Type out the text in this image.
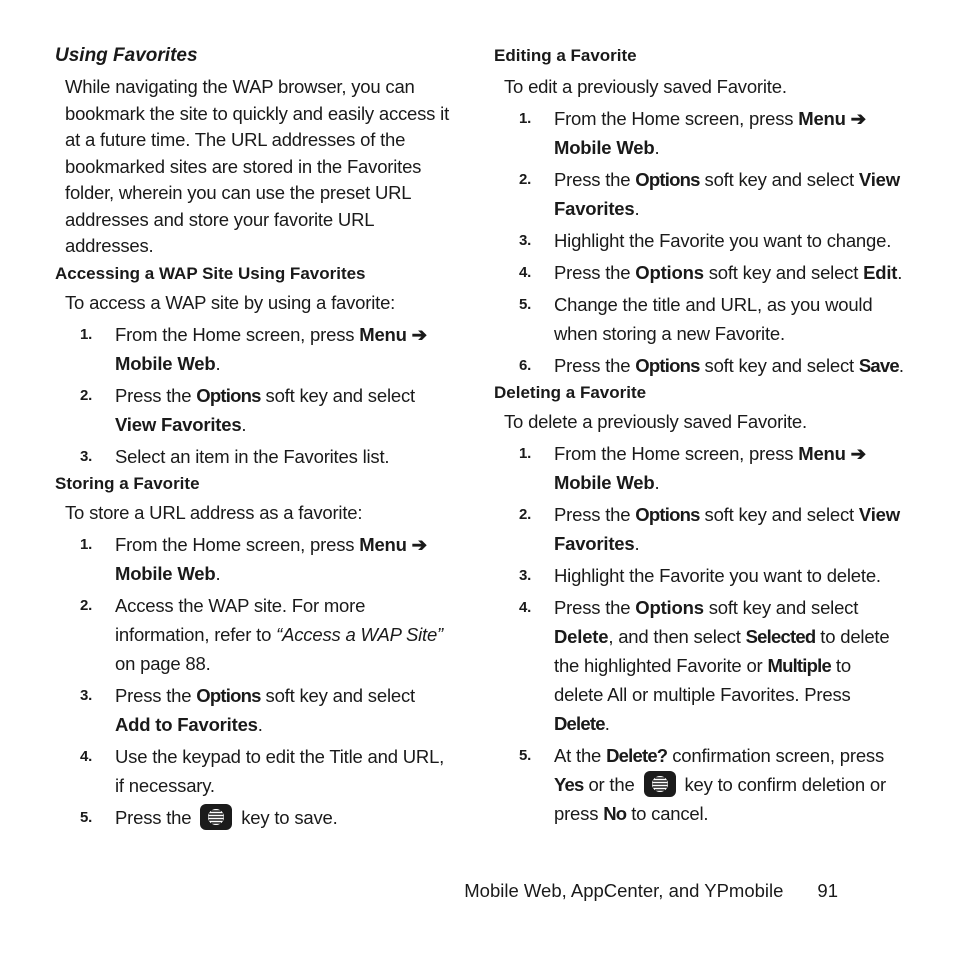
Using Favorites

While navigating the WAP browser, you can bookmark the site to quickly and easily access it at a future time. The URL addresses of the bookmarked sites are stored in the Favorites folder, wherein you can use the preset URL addresses and store your favorite URL addresses.

Accessing a WAP Site Using Favorites

To access a WAP site by using a favorite:

1. From the Home screen, press Menu ➔ Mobile Web.
2. Press the Options soft key and select View Favorites.
3. Select an item in the Favorites list.
Storing a Favorite

To store a URL address as a favorite:

1. From the Home screen, press Menu ➔ Mobile Web.
2. Access the WAP site. For more information, refer to “Access a WAP Site” on page 88.
3. Press the Options soft key and select Add to Favorites.
4. Use the keypad to edit the Title and URL, if necessary.
5. Press the
key to save.
Editing a Favorite

To edit a previously saved Favorite.

1. From the Home screen, press Menu ➔ Mobile Web.
2. Press the Options soft key and select View Favorites.
3. Highlight the Favorite you want to change.
4. Press the Options soft key and select Edit.
5. Change the title and URL, as you would when storing a new Favorite.
6. Press the Options soft key and select Save.
Deleting a Favorite

To delete a previously saved Favorite.

1. From the Home screen, press Menu ➔ Mobile Web.
2. Press the Options soft key and select View Favorites.
3. Highlight the Favorite you want to delete.
4. Press the Options soft key and select Delete, and then select Selected to delete the highlighted Favorite or Multiple to delete All or multiple Favorites. Press Delete.
5. At the Delete? confirmation screen, press Yes or the
key to confirm deletion or press No to cancel.
Mobile Web, AppCenter, and YPmobile 91
